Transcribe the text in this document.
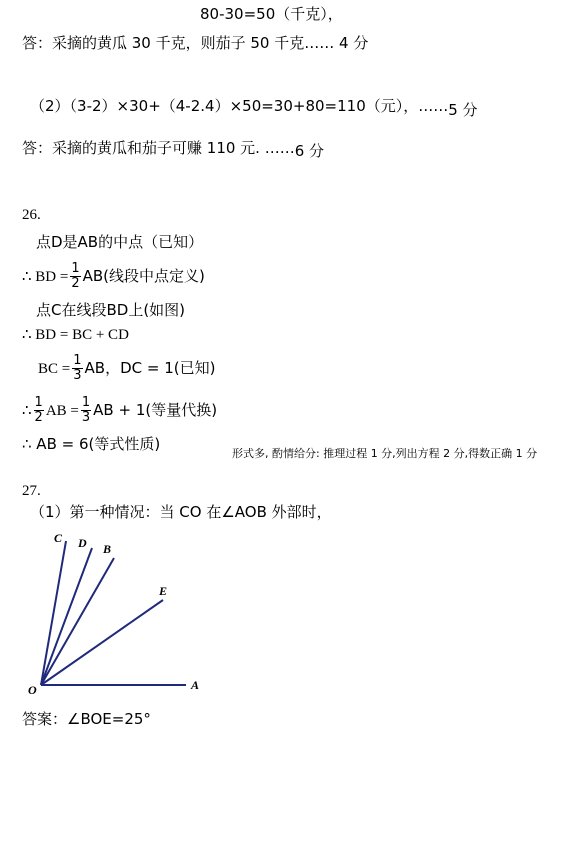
80-30=50（千克），
答：采摘的黄瓜 30 千克，则茄子 50 千克…… 4 分
（2）（3-2）×30+（4-2.4）×50=30+80=110（元），……5 分
答：采摘的黄瓜和茄子可赚 110 元. ……6 分
26.
点D是AB的中点（已知）
∴ BD = $\frac{1}{2} AB$(线段中点定义)
点C在线段BD上(如图)
∴ BD = BC + CD
BC = $\frac{1}{3}$ AB，DC = 1(已知)
∴ $\frac{1}{2}$ AB = $\frac{1}{3}$ AB + 1(等量代换)
∴ AB = 6(等式性质)
形式多, 酌情给分: 推理过程 1 分,列出方程 2 分,得数正确 1 分
27.
（1）第一种情况：当 CO 在∠AOB 外部时，
C D B
E
O	A
答案：∠BOE=25°
